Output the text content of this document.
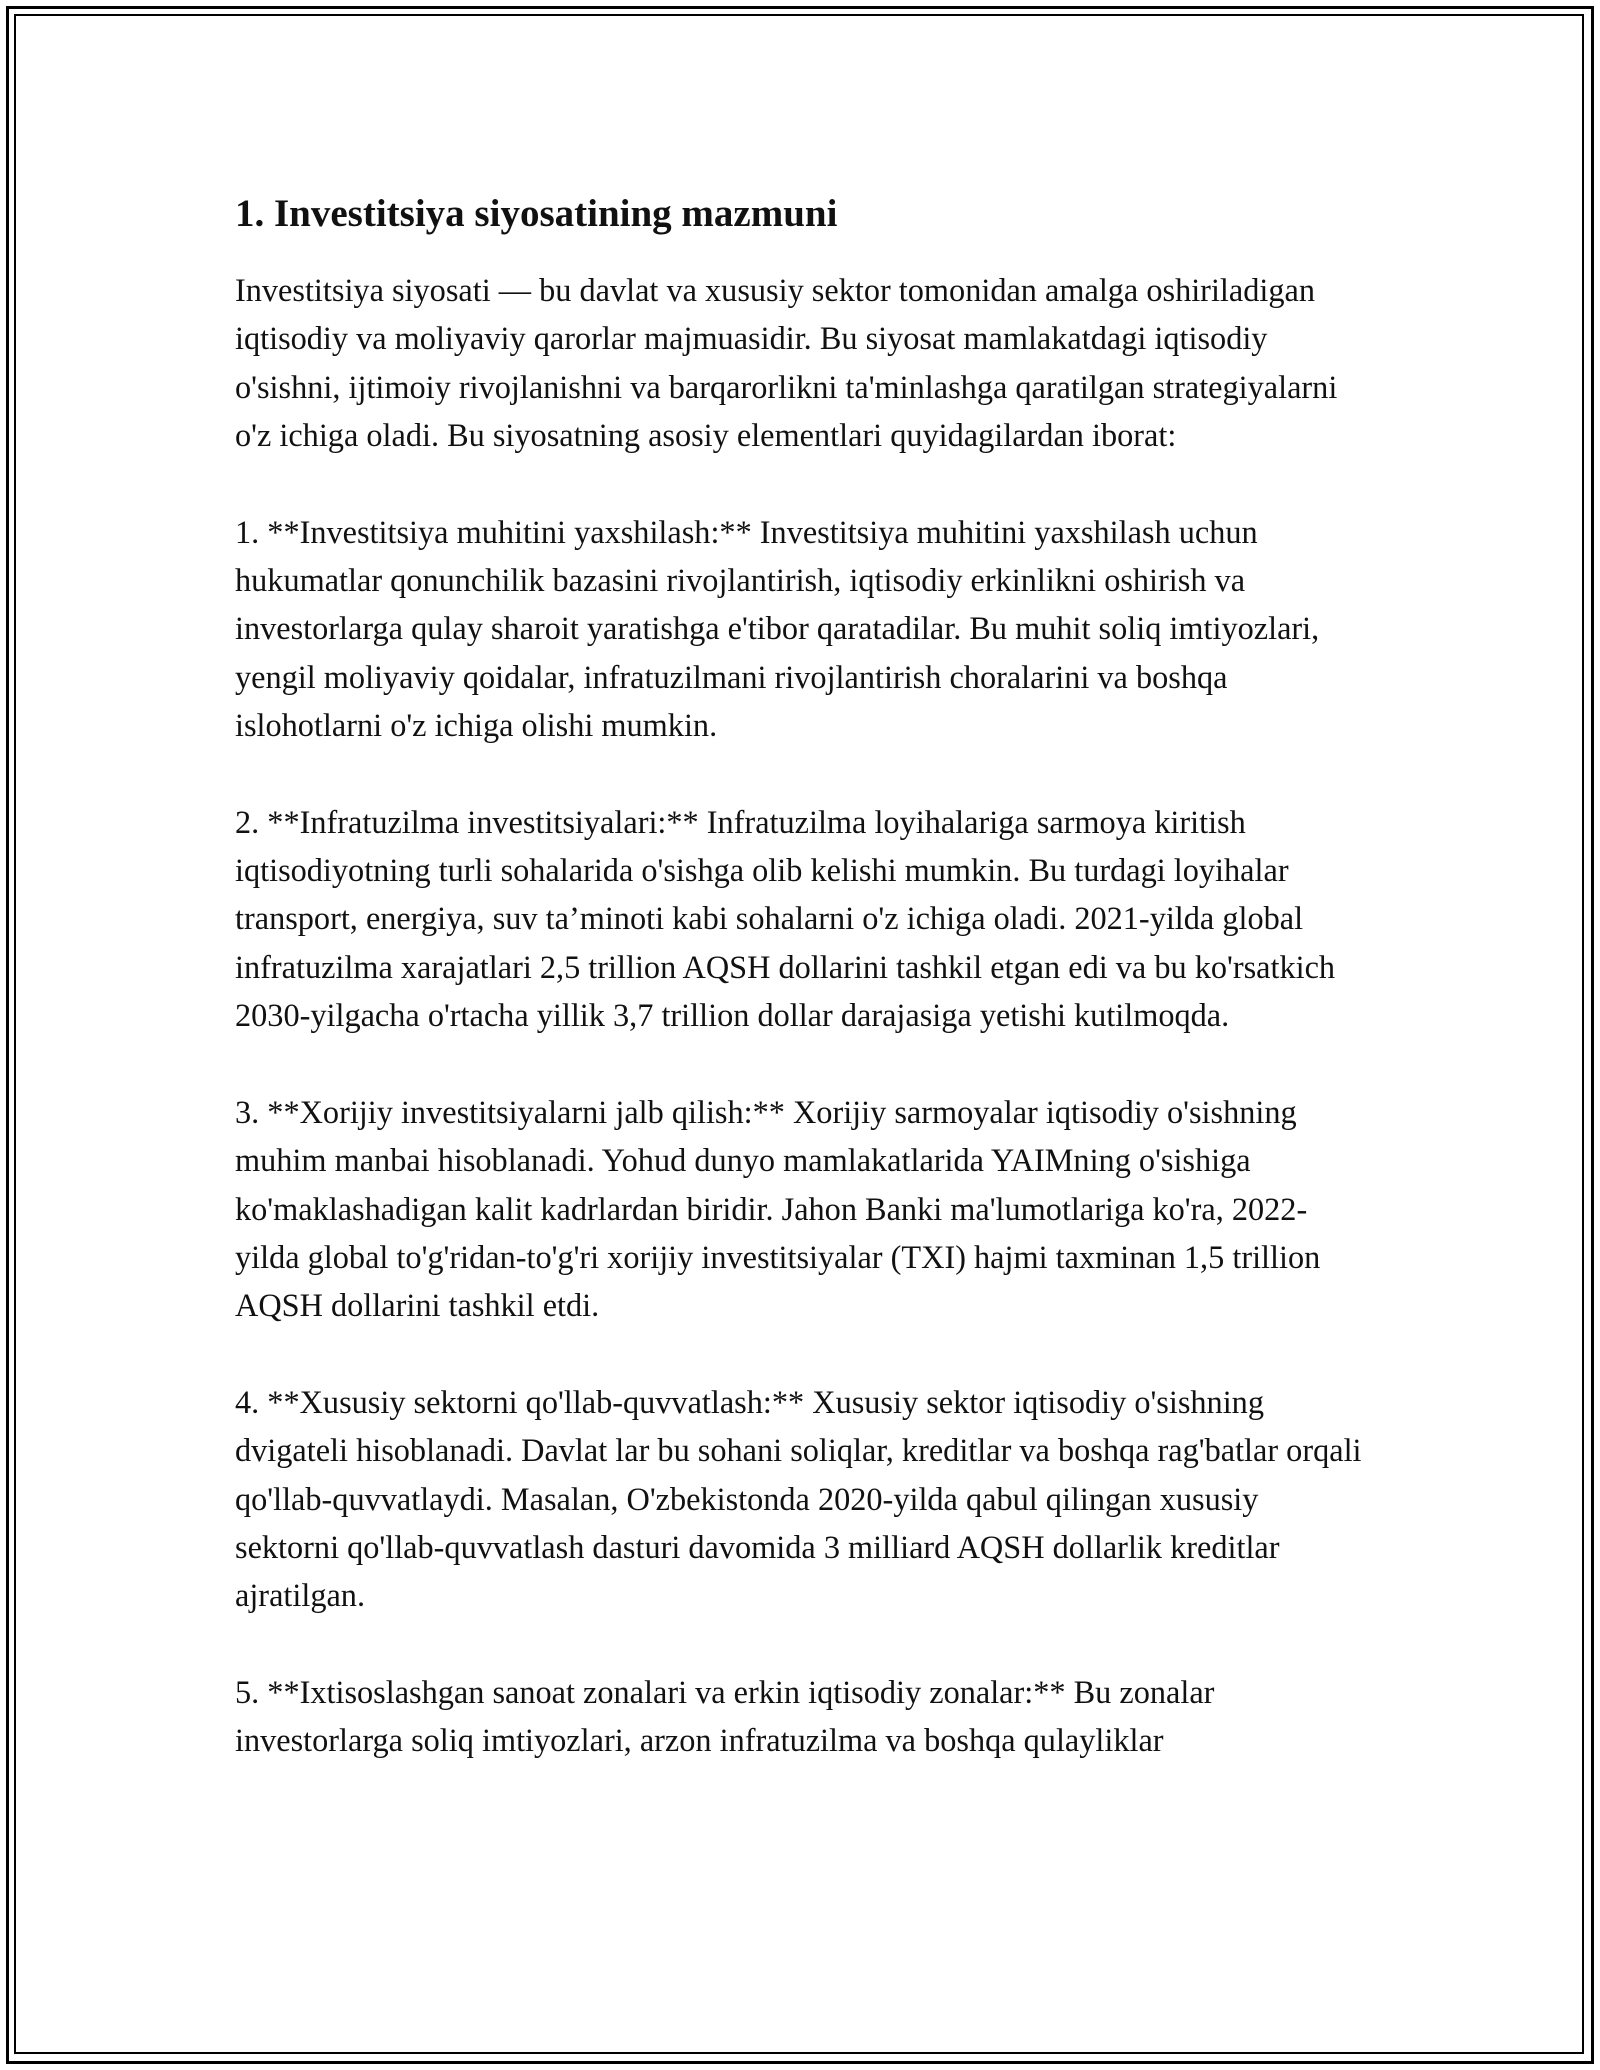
1. Investitsiya siyosatining mazmuni

Investitsiya siyosati — bu davlat va xususiy sektor tomonidan amalga oshiriladigan iqtisodiy va moliyaviy qarorlar majmuasidir. Bu siyosat mamlakatdagi iqtisodiy o'sishni, ijtimoiy rivojlanishni va barqarorlikni ta'minlashga qaratilgan strategiyalarni o'z ichiga oladi. Bu siyosatning asosiy elementlari quyidagilardan iborat:

1. **Investitsiya muhitini yaxshilash:** Investitsiya muhitini yaxshilash uchun hukumatlar qonunchilik bazasini rivojlantirish, iqtisodiy erkinlikni oshirish va investorlarga qulay sharoit yaratishga e'tibor qaratadilar. Bu muhit soliq imtiyozlari, yengil moliyaviy qoidalar, infratuzilmani rivojlantirish choralarini va boshqa islohotlarni o'z ichiga olishi mumkin.

2. **Infratuzilma investitsiyalari:** Infratuzilma loyihalariga sarmoya kiritish iqtisodiyotning turli sohalarida o'sishga olib kelishi mumkin. Bu turdagi loyihalar transport, energiya, suv ta’minoti kabi sohalarni o'z ichiga oladi. 2021-yilda global infratuzilma xarajatlari 2,5 trillion AQSH dollarini tashkil etgan edi va bu ko'rsatkich 2030-yilgacha o'rtacha yillik 3,7 trillion dollar darajasiga yetishi kutilmoqda.

3. **Xorijiy investitsiyalarni jalb qilish:** Xorijiy sarmoyalar iqtisodiy o'sishning muhim manbai hisoblanadi. Yohud dunyo mamlakatlarida YAIMning o'sishiga ko'maklashadigan kalit kadrlardan biridir. Jahon Banki ma'lumotlariga ko'ra, 2022-yilda global to'g'ridan-to'g'ri xorijiy investitsiyalar (TXI) hajmi taxminan 1,5 trillion AQSH dollarini tashkil etdi.

4. **Xususiy sektorni qo'llab-quvvatlash:** Xususiy sektor iqtisodiy o'sishning dvigateli hisoblanadi. Davlat lar bu sohani soliqlar, kreditlar va boshqa rag'batlar orqali qo'llab-quvvatlaydi. Masalan, O'zbekistonda 2020-yilda qabul qilingan xususiy sektorni qo'llab-quvvatlash dasturi davomida 3 milliard AQSH dollarlik kreditlar ajratilgan.

5. **Ixtisoslashgan sanoat zonalari va erkin iqtisodiy zonalar:** Bu zonalar investorlarga soliq imtiyozlari, arzon infratuzilma va boshqa qulayliklar
